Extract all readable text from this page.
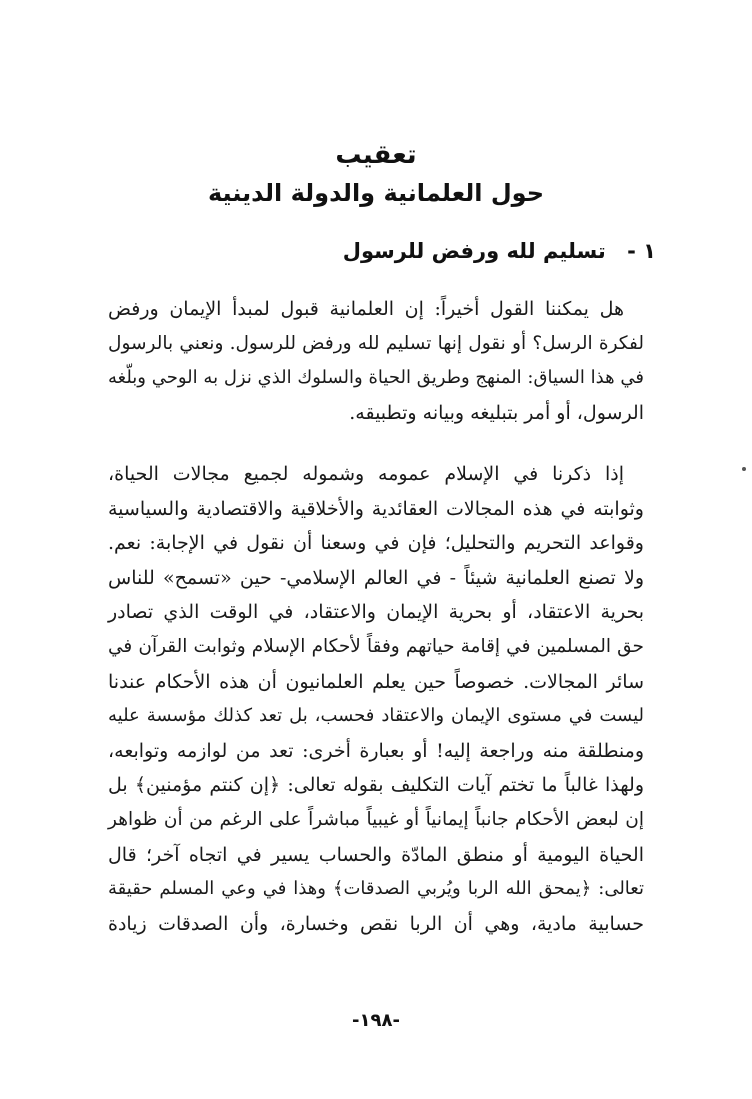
تعقيب
حول العلمانية والدولة الدينية
١ - تسليم لله ورفض للرسول
هل يمكننا القول أخيراً: إن العلمانية قبول لمبدأ الإيمان ورفض
لفكرة الرسل؟ أو نقول إنها تسليم لله ورفض للرسول. ونعني بالرسول
في هذا السياق: المنهج وطريق الحياة والسلوك الذي نزل به الوحي وبلّغه
الرسول، أو أمر بتبليغه وبيانه وتطبيقه.
إذا ذكرنا في الإسلام عمومه وشموله لجميع مجالات الحياة،
وثوابته في هذه المجالات العقائدية والأخلاقية والاقتصادية والسياسية
وقواعد التحريم والتحليل؛ فإن في وسعنا أن نقول في الإجابة: نعم.
ولا تصنع العلمانية شيئاً - في العالم الإسلامي- حين «تسمح» للناس
بحرية الاعتقاد، أو بحرية الإيمان والاعتقاد، في الوقت الذي تصادر
حق المسلمين في إقامة حياتهم وفقاً لأحكام الإسلام وثوابت القرآن في
سائر المجالات. خصوصاً حين يعلم العلمانيون أن هذه الأحكام عندنا
ليست في مستوى الإيمان والاعتقاد فحسب، بل تعد كذلك مؤسسة عليه
ومنطلقة منه وراجعة إليه! أو بعبارة أخرى: تعد من لوازمه وتوابعه،
ولهذا غالباً ما تختم آيات التكليف بقوله تعالى: ﴿إن كنتم مؤمنين﴾ بل
إن لبعض الأحكام جانباً إيمانياً أو غيبياً مباشراً على الرغم من أن ظواهر
الحياة اليومية أو منطق المادّة والحساب يسير في اتجاه آخر؛ قال
تعالى: ﴿يمحق الله الربا ويُربي الصدقات﴾ وهذا في وعي المسلم حقيقة
حسابية مادية، وهي أن الربا نقص وخسارة، وأن الصدقات زيادة
-١٩٨-
